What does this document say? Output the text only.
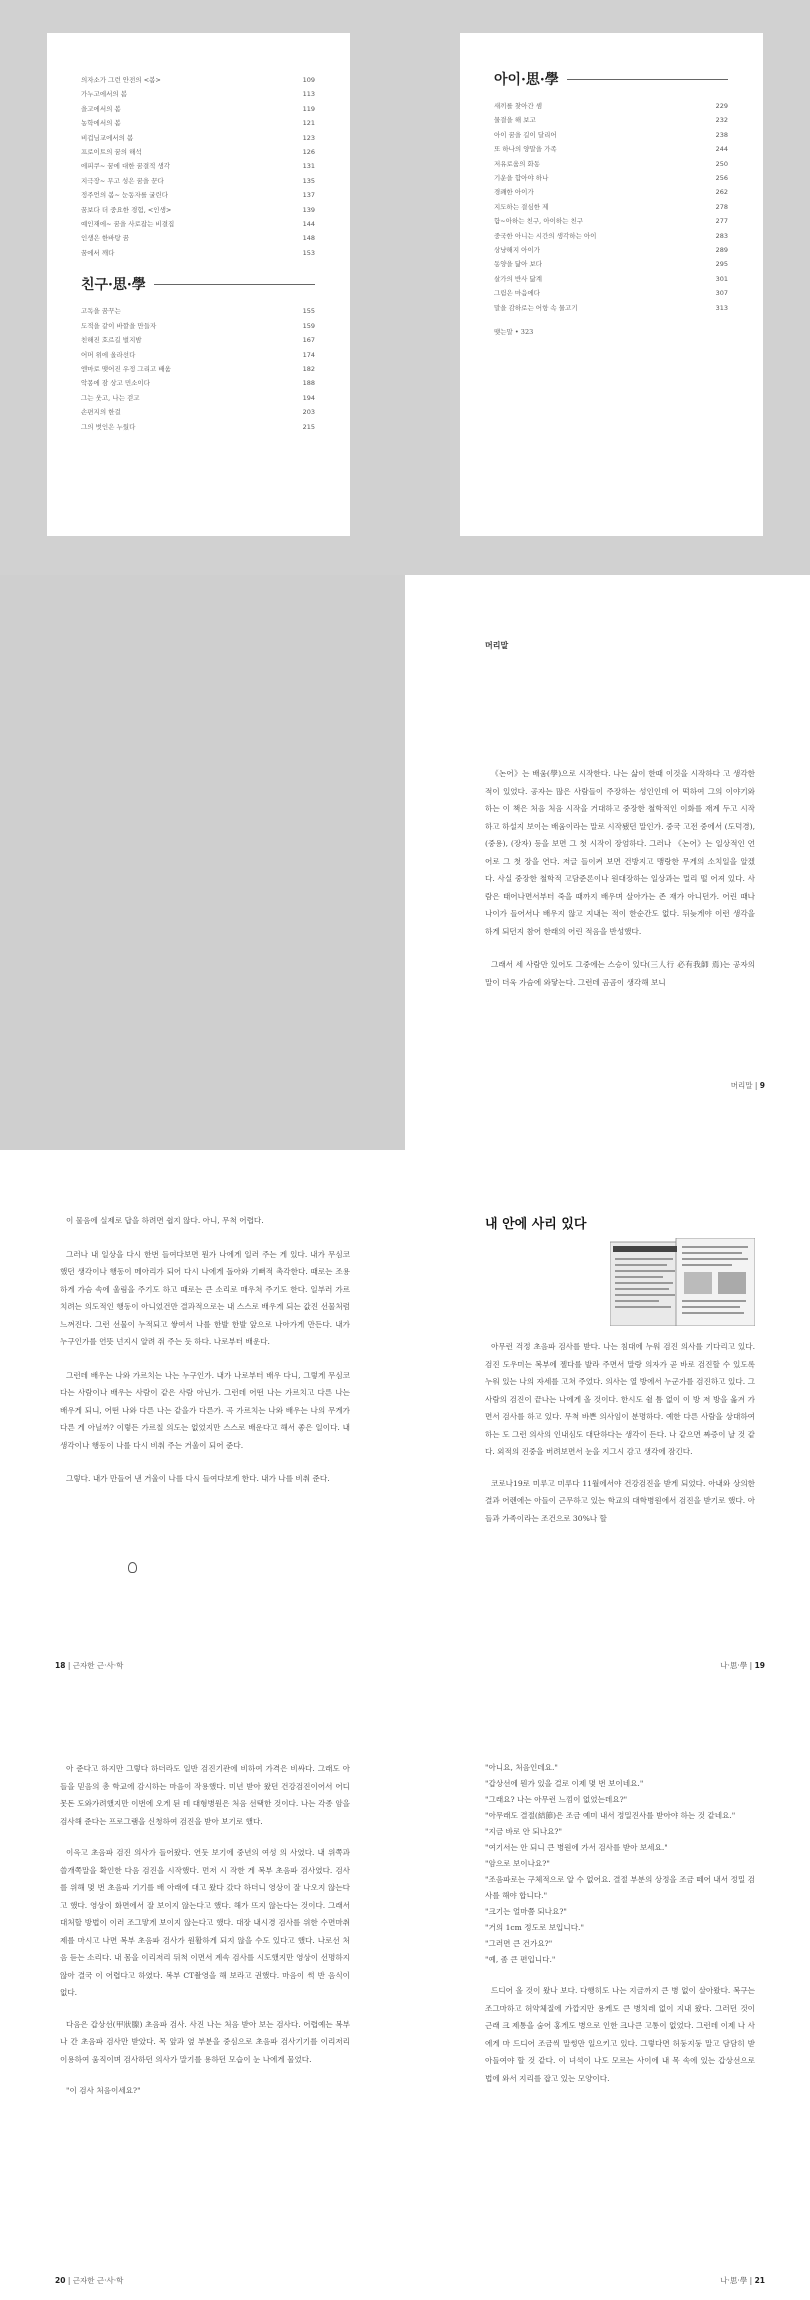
의자소가 그런 안전의 <봄>	109
가누고에서의 봄	113
을고에서의 봄	119
농학에서의 봄	121
비겁님교에서의 봄	123
프로이트의 꿈의 해석	126
에피쿠~ 꿈에 대한 꿈결적 생각	131
지극장~ 무고 성은 꿈을 꾼다	135
정주언의 봄~ 눈동자를 굴린다	137
꿈보다 더 중요한 경험, <인생>	139
예인재에~ 꿈을 사로잡는 비결집	144
인생은 한바탕 꿈	148
꿈에서 깨다	153
친구·思·學
고독을 꿈꾸는	155
도적을 같이 바깥을 만들자	159
친해진 호르길 벌지밤	167
어머 위에 올라선다	174
엔마로 맺어진 우정 그리고 배움	182
악몽에 잠 상고 민소이다	188
그는 웃고, 나는 걷고	194
손편지의 한걸	203
그의 벗인은 누웠다	215
아이·思·學
새끼를 찾아간 셈	229
물결을 해 보고	232
아이 꿈을 길이 달리어	238
또 하나의 양말을 가족	244
저유로움의 화동	250
기운을 합아야 하나	256
경쾌한 아이가	262
지도하는 결심한 제	278
함~아하는 친구, 아이하는 친구	277
중국한 아니는 시간의 생각하는 아이	283
상냥해지 아이가	289
동양을 닮아 보다	295
살가의 반사 닮계	301
그림은 마음에다	307
말을 감하로는 어항 속 물고기	313
맺는말 • 323
머리말

《논어》는 배움(學)으로 시작한다. 나는 삶이 한때 이것을 시작하다 고 생각한 적이 있었다. 공자는 많은 사람들이 주장하는 성인인데 어 떡하여 그의 이야기와 하는 이 책은 처음 처음 시작을 거대하고 중장한 철학적인 이화를 재계 두고 시작하고 하설지 보이는 배움이라는 말로 시작됐던 말인가. 중국 고전 중에서 (도덕경), (중용), (장자) 등을 보면 그 첫 시작이 장엄하다. 그러나 《논어》는 일상적인 언어로 그 첫 장을 연다. 저글 들이켜 보면 건방지고 맹랑한 무게의 소치일을 알겠 다. 사실 중장한 철학적 고담준론이나 원대장하는 일상과는 멀리 떨 어져 있다. 사람은 태어나면서부터 죽을 때까지 배우며 살아가는 존 재가 아니던가. 어린 때나 나이가 들어서나 배우지 않고 지내는 적이 한순간도 없다. 뒤늦게야 이런 생각을 하게 되던지 참어 한래의 어린 적음을 반성했다.

그래서 세 사람만 있어도 그중에는 스승이 있다(三人行 必有我師 焉)는 공자의 말이 더욱 가슴에 와닿는다. 그런데 곰곰이 생각해 보니

머리말 | 9

이 물음에 실제로 답을 하려면 쉽지 않다. 아니, 무척 어렵다.

그러나 내 일상을 다시 한번 들여다보면 뭔가 나에게 일러 주는 게 있다. 내가 무심코 했던 생각이나 행동이 메아리가 되어 다시 나에게 돌아와 기뻐적 촉각한다. 때로는 조용하게 가슴 속에 울림을 주기도 하고 때로는 큰 소리로 매우쳐 주기도 한다. 일부러 가르치려는 의도적인 행동이 아니었건만 결과적으로는 내 스스로 배우게 되는 값진 선물처럼 느껴진다. 그런 선물이 누적되고 쌓여서 나를 한발 한발 앞으로 나아가게 만든다. 내가 누구인가를 언뜻 넌지시 알려 줘 주는 듯 하다. 나로부터 배운다.

그런데 배우는 나와 가르치는 나는 누구인가. 내가 나로부터 배우 다니, 그렇게 무심코 다는 사람이나 배우는 사람이 같은 사람 아닌가. 그런데 어떤 나는 가르치고 다른 나는 배우게 되니, 어떤 나와 다른 나는 같을가 다른가. 곡 가르치는 나와 배우는 나의 무게가 다른 게 아닐까? 이렇든 가르칠 의도는 없었지만 스스로 배운다고 해서 좋은 일이다. 내 생각이나 행동이 나를 다시 비춰 주는 거울이 되어 준다.

그렇다. 내가 만들어 낸 거울이 나를 다시 들여다보게 한다. 내가 나를 비춰 준다.

18 | 근자한 근·사·학
내 안에 사리 있다

아무런 걱정 초음파 검사를 받다. 나는 침대에 누워 검진 의사를 기다리고 있다. 검진 도우미는 복부에 젤다를 발라 주면서 말랑 의자가 곧 바로 검진할 수 있도록 누워 있는 나의 자세를 고쳐 주었다. 의사는 열 방에서 누군가를 검진하고 있다. 그 사람의 검진이 끝나는 나에게 올 것이다. 한시도 쉴 틈 없이 이 방 저 방을 옮겨 가면서 검사를 하고 있다. 무척 바쁜 의사임이 분명하다. 예한 다른 사람을 상대하여 하는 도 그런 의사의 인내심도 대단하다는 생각이 든다. 나 같으면 짜증이 날 것 같다. 외적의 진중을 버려보면서 눈을 지그시 감고 생각에 잠긴다.

코로나19로 미루고 미루다 11월에서야 건강검진을 받게 되었다. 아내와 상의한 결과 어렌에는 아들이 근무하고 있는 학교의 대학병원에서 검진을 받기로 했다. 아들과 가족이라는 조건으로 30%나 할

나·思·學 | 19

아 준다고 하지만 그렇다 하더라도 일반 검진기관에 비하여 가격은 비싸다. 그래도 아들을 믿음의 총 학교에 감시하는 마음이 작용했다. 미년 받아 왔던 건강검진이어서 어디 못돈 도와가려했지만 이번에 오게 된 데 대형병원은 처음 선택한 것이다. 나는 각종 암을 검사해 준다는 프로그램을 신청하여 검진을 받아 보기로 했다.

이윽고 초음파 검진 의사가 들어왔다. 연둣 보기에 중년의 여성 의 사였다. 내 위쪽과 쓸개쪽말을 확인한 다음 검진을 시작했다. 먼저 시 작한 게 복부 초음파 검사였다. 검사를 위해 몇 번 초음파 기기를 배 아래에 대고 왔다 갔다 하더니 영상이 잘 나오지 않는다고 했다. 영상이 화면에서 잘 보이지 않는다고 했다. 해가 뜨지 않는다는 것이다. 그래서 대처할 방법이 이러 조그맣게 보이지 않는다고 했다. 대장 내시경 검사를 위한 수면마취제를 마시고 나면 복부 초음파 검사가 원활하게 되지 않을 수도 있다고 했다. 나로선 처음 듣는 소리다. 내 몸을 이리저리 뒤척 이면서 계속 검사를 시도했지만 영상이 선명하지 않아 결국 이 어렵다고 하였다. 복부 CT촬영을 해 보라고 권했다. 마음이 썩 반 음식이 없다.

다음은 갑상선(甲狀腺) 초음파 검사. 사진 나는 처음 받아 보는 검사다. 어렵예는 복부나 간 초음파 검사만 받았다. 목 앞과 옆 부분을 중심으로 초음파 검사기기를 이리저리 이용하여 움직이며 검사하던 의사가 말기를 용하던 모습이 눈 나에게 물었다.

"이 검사 처음이세요?"

20 | 근자한 근·사·학

"아니요, 처음인데요."

"갑상선에 뭔가 있을 걸로 이제 몇 번 보이네요."

"그래요? 나는 아무런 느낌이 없었는데요?"

"아무래도 결절(結節)은 조금 예미 내서 정밀진사를 받아야 하는 것 같네요."

"지금 바로 안 되나요?"

"여기서는 안 되니 큰 병원에 가서 검사를 받아 보세요."

"암으로 보이나요?"

"조음파로는 구체적으로 알 수 없어요. 결절 부분의 상정을 조금 떼어 내서 정밀 검사를 해야 합니다."

"크기는 얼마쯤 되나요?"

"거의 1cm 정도로 보입니다."

"그러면 큰 건가요?"

"예, 좀 큰 편입니다."

드디어 올 것이 왔나 보다. 다행히도 나는 지금까지 큰 병 없이 살아왔다. 복구는 조그마하고 허약체질에 가깝지만 용케도 큰 병치레 없이 지내 왔다. 그러던 것이 근래 크 제통을 숨어 홍게도 병으로 인한 크나큰 고통이 없었다. 그런데 이제 나 사에게 마 드디어 조금씩 말썽만 일으키고 있다. 그렇다면 허둥지둥 말고 담담히 받아들여야 할 것 같다. 이 녀석이 나도 모르는 사이에 내 목 속에 있는 갑상선으로 법에 와서 지리를 잡고 있는 모양이다.

나·思·學 | 21
